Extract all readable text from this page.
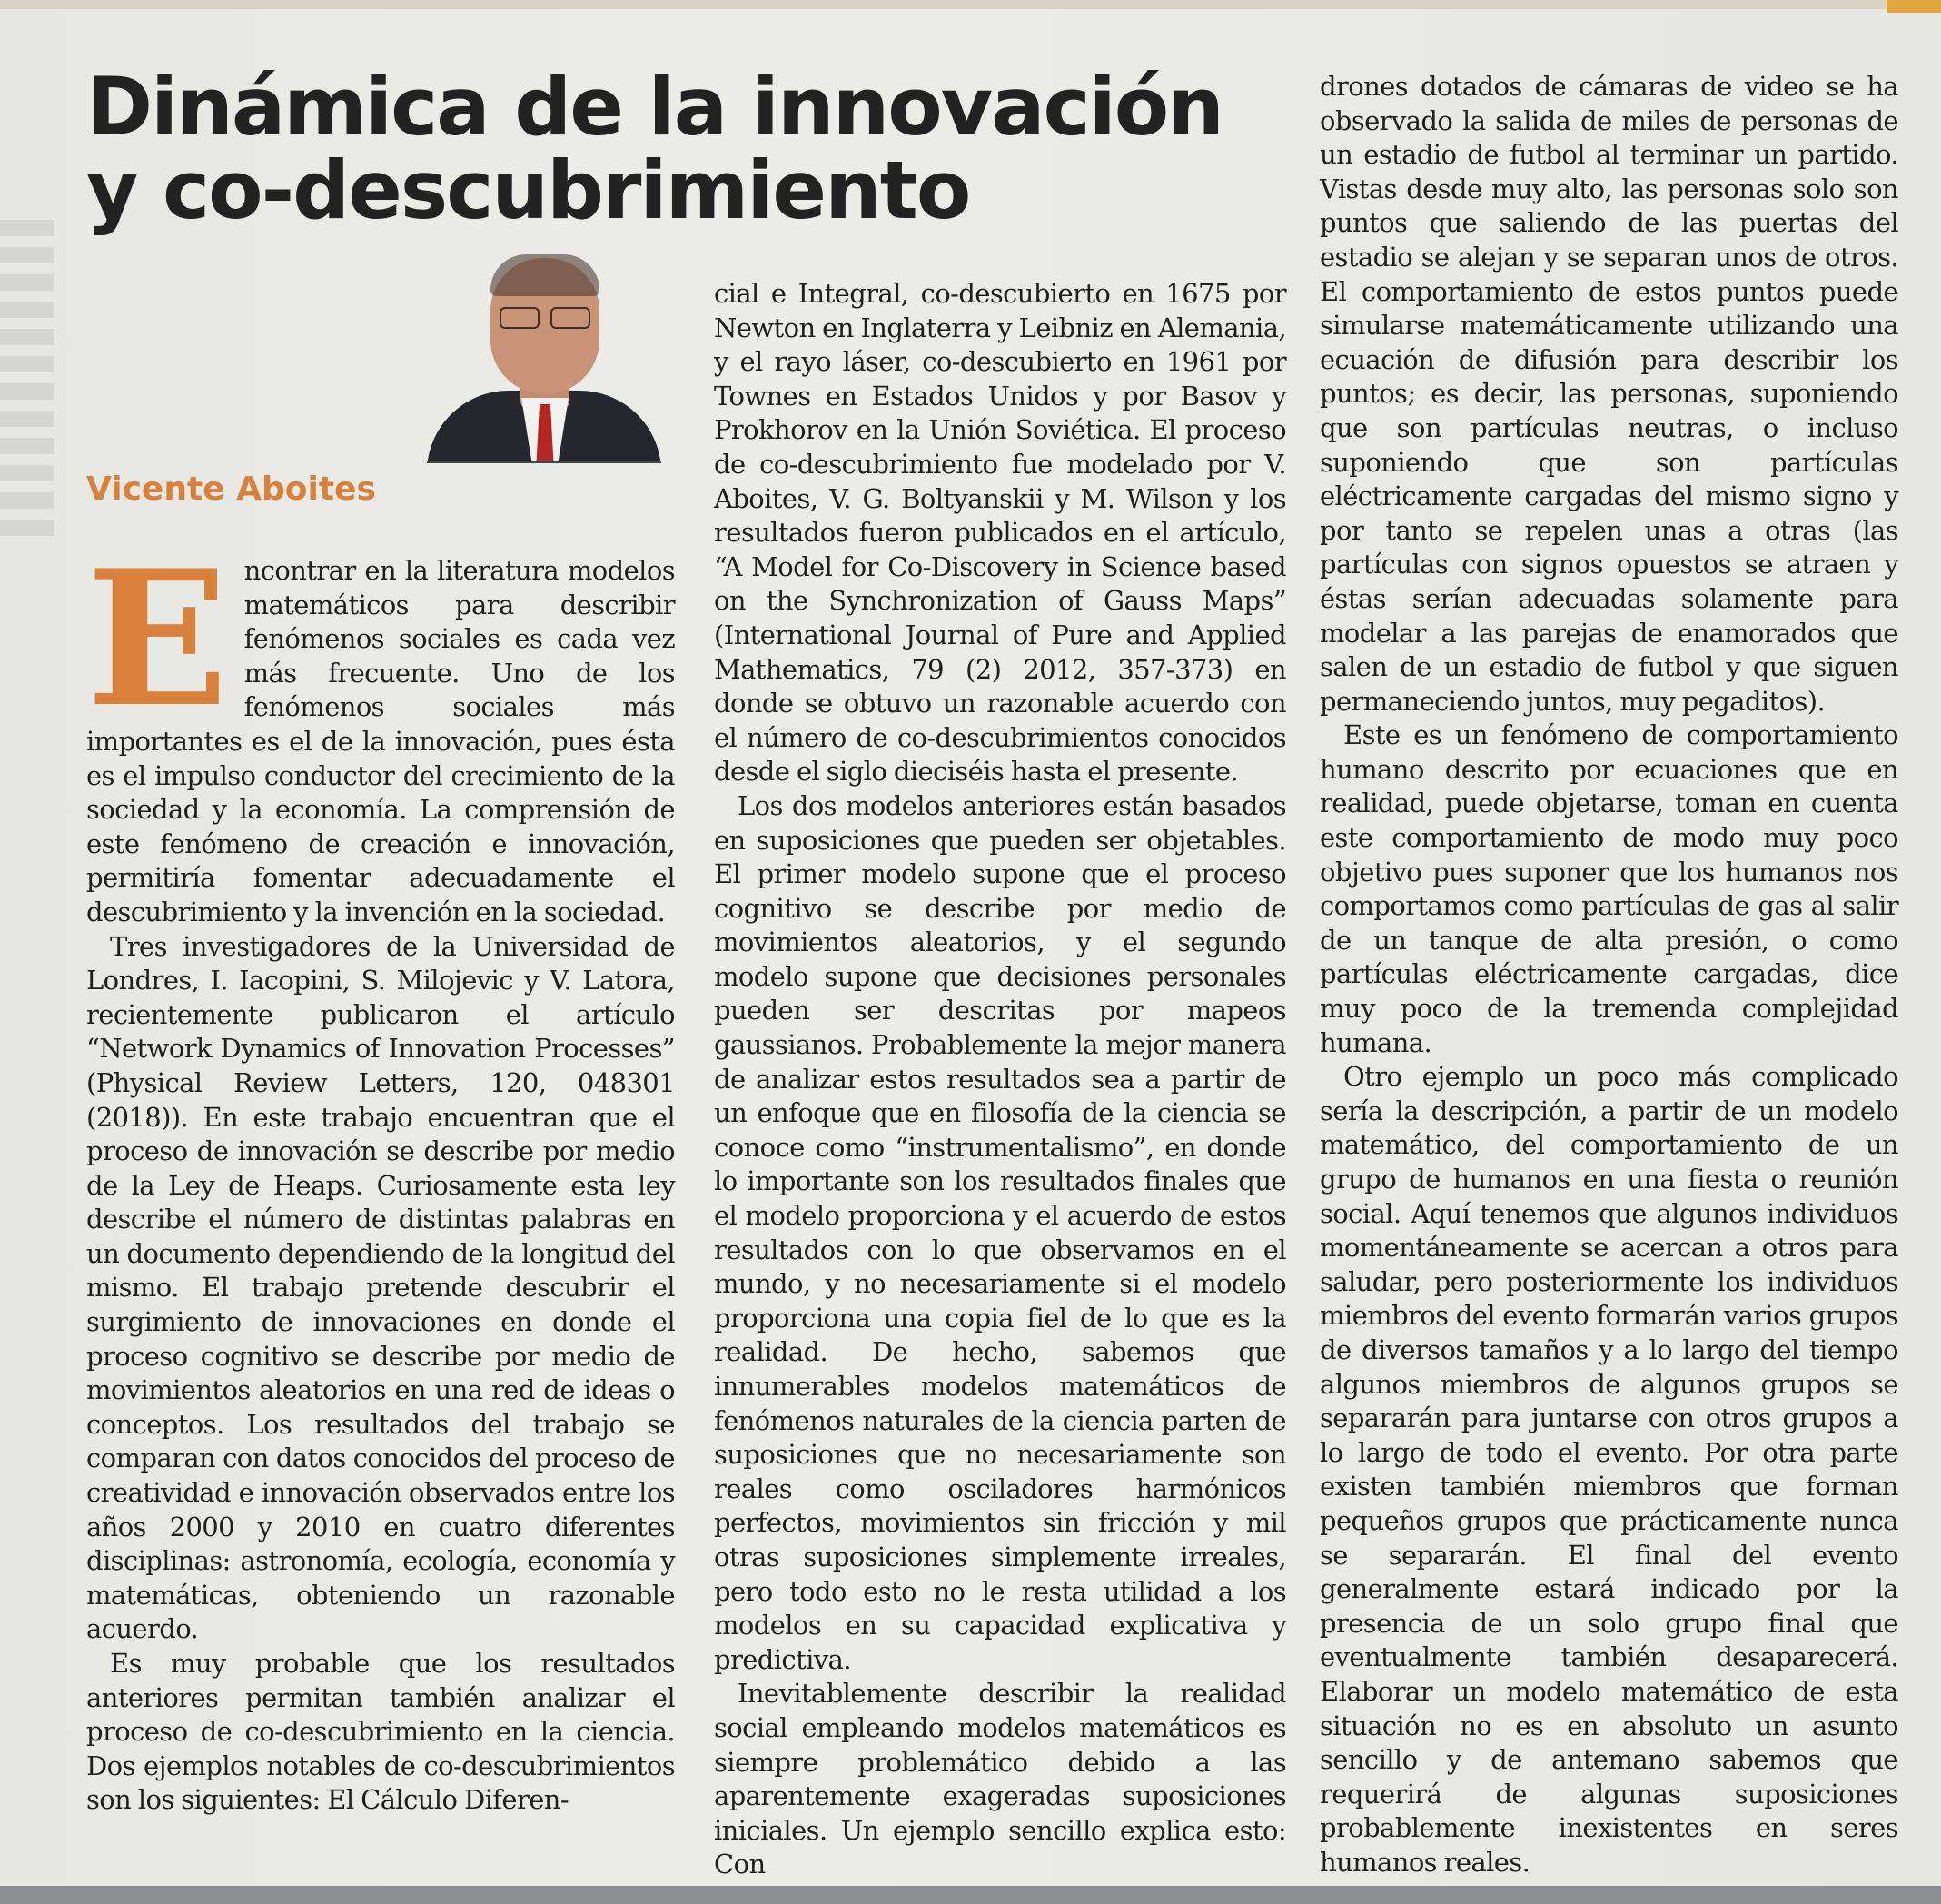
Dinámica de la innovación y co-descubrimiento
Vicente Aboites

Encontrar en la literatura modelos matemáticos para describir fenómenos sociales es cada vez más frecuente. Uno de los fenómenos sociales más importantes es el de la innovación, pues ésta es el impulso conductor del crecimiento de la sociedad y la economía. La comprensión de este fenómeno de creación e innovación, permitiría fomentar adecuadamente el descubrimiento y la invención en la sociedad.

Tres investigadores de la Universidad de Londres, I. Iacopini, S. Milojevic y V. Latora, recientemente publicaron el artículo “Network Dynamics of Innovation Processes” (Physical Review Letters, 120, 048301 (2018)). En este trabajo encuentran que el proceso de innovación se describe por medio de la Ley de Heaps. Curiosamente esta ley describe el número de distintas palabras en un documento dependiendo de la longitud del mismo. El trabajo pretende descubrir el surgimiento de innovaciones en donde el proceso cognitivo se describe por medio de movimientos aleatorios en una red de ideas o conceptos. Los resultados del trabajo se comparan con datos conocidos del proceso de creatividad e innovación observados entre los años 2000 y 2010 en cuatro diferentes disciplinas: astronomía, ecología, economía y matemáticas, obteniendo un razonable acuerdo.

Es muy probable que los resultados anteriores permitan también analizar el proceso de co-descubrimiento en la ciencia. Dos ejemplos notables de co-descubrimientos son los siguientes: El Cálculo Diferen-

cial e Integral, co-descubierto en 1675 por Newton en Inglaterra y Leibniz en Alemania, y el rayo láser, co-descubierto en 1961 por Townes en Estados Unidos y por Basov y Prokhorov en la Unión Soviética. El proceso de co-descubrimiento fue modelado por V. Aboites, V. G. Boltyanskii y M. Wilson y los resultados fueron publicados en el artículo, “A Model for Co-Discovery in Science based on the Synchronization of Gauss Maps” (International Journal of Pure and Applied Mathematics, 79 (2) 2012, 357-373) en donde se obtuvo un razonable acuerdo con el número de co-descubrimientos conocidos desde el siglo dieciséis hasta el presente.

Los dos modelos anteriores están basados en suposiciones que pueden ser objetables. El primer modelo supone que el proceso cognitivo se describe por medio de movimientos aleatorios, y el segundo modelo supone que decisiones personales pueden ser descritas por mapeos gaussianos. Probablemente la mejor manera de analizar estos resultados sea a partir de un enfoque que en filosofía de la ciencia se conoce como “instrumentalismo”, en donde lo importante son los resultados finales que el modelo proporciona y el acuerdo de estos resultados con lo que observamos en el mundo, y no necesariamente si el modelo proporciona una copia fiel de lo que es la realidad. De hecho, sabemos que innumerables modelos matemáticos de fenómenos naturales de la ciencia parten de suposiciones que no necesariamente son reales como osciladores harmónicos perfectos, movimientos sin fricción y mil otras suposiciones simplemente irreales, pero todo esto no le resta utilidad a los modelos en su capacidad explicativa y predictiva.

Inevitablemente describir la realidad social empleando modelos matemáticos es siempre problemático debido a las aparentemente exageradas suposiciones iniciales. Un ejemplo sencillo explica esto: Con

drones dotados de cámaras de video se ha observado la salida de miles de personas de un estadio de futbol al terminar un partido. Vistas desde muy alto, las personas solo son puntos que saliendo de las puertas del estadio se alejan y se separan unos de otros. El comportamiento de estos puntos puede simularse matemáticamente utilizando una ecuación de difusión para describir los puntos; es decir, las personas, suponiendo que son partículas neutras, o incluso suponiendo que son partículas eléctricamente cargadas del mismo signo y por tanto se repelen unas a otras (las partículas con signos opuestos se atraen y éstas serían adecuadas solamente para modelar a las parejas de enamorados que salen de un estadio de futbol y que siguen permaneciendo juntos, muy pegaditos).

Este es un fenómeno de comportamiento humano descrito por ecuaciones que en realidad, puede objetarse, toman en cuenta este comportamiento de modo muy poco objetivo pues suponer que los humanos nos comportamos como partículas de gas al salir de un tanque de alta presión, o como partículas eléctricamente cargadas, dice muy poco de la tremenda complejidad humana.

Otro ejemplo un poco más complicado sería la descripción, a partir de un modelo matemático, del comportamiento de un grupo de humanos en una fiesta o reunión social. Aquí tenemos que algunos individuos momentáneamente se acercan a otros para saludar, pero posteriormente los individuos miembros del evento formarán varios grupos de diversos tamaños y a lo largo del tiempo algunos miembros de algunos grupos se separarán para juntarse con otros grupos a lo largo de todo el evento. Por otra parte existen también miembros que forman pequeños grupos que prácticamente nunca se separarán. El final del evento generalmente estará indicado por la presencia de un solo grupo final que eventualmente también desaparecerá. Elaborar un modelo matemático de esta situación no es en absoluto un asunto sencillo y de antemano sabemos que requerirá de algunas suposiciones probablemente inexistentes en seres humanos reales.
